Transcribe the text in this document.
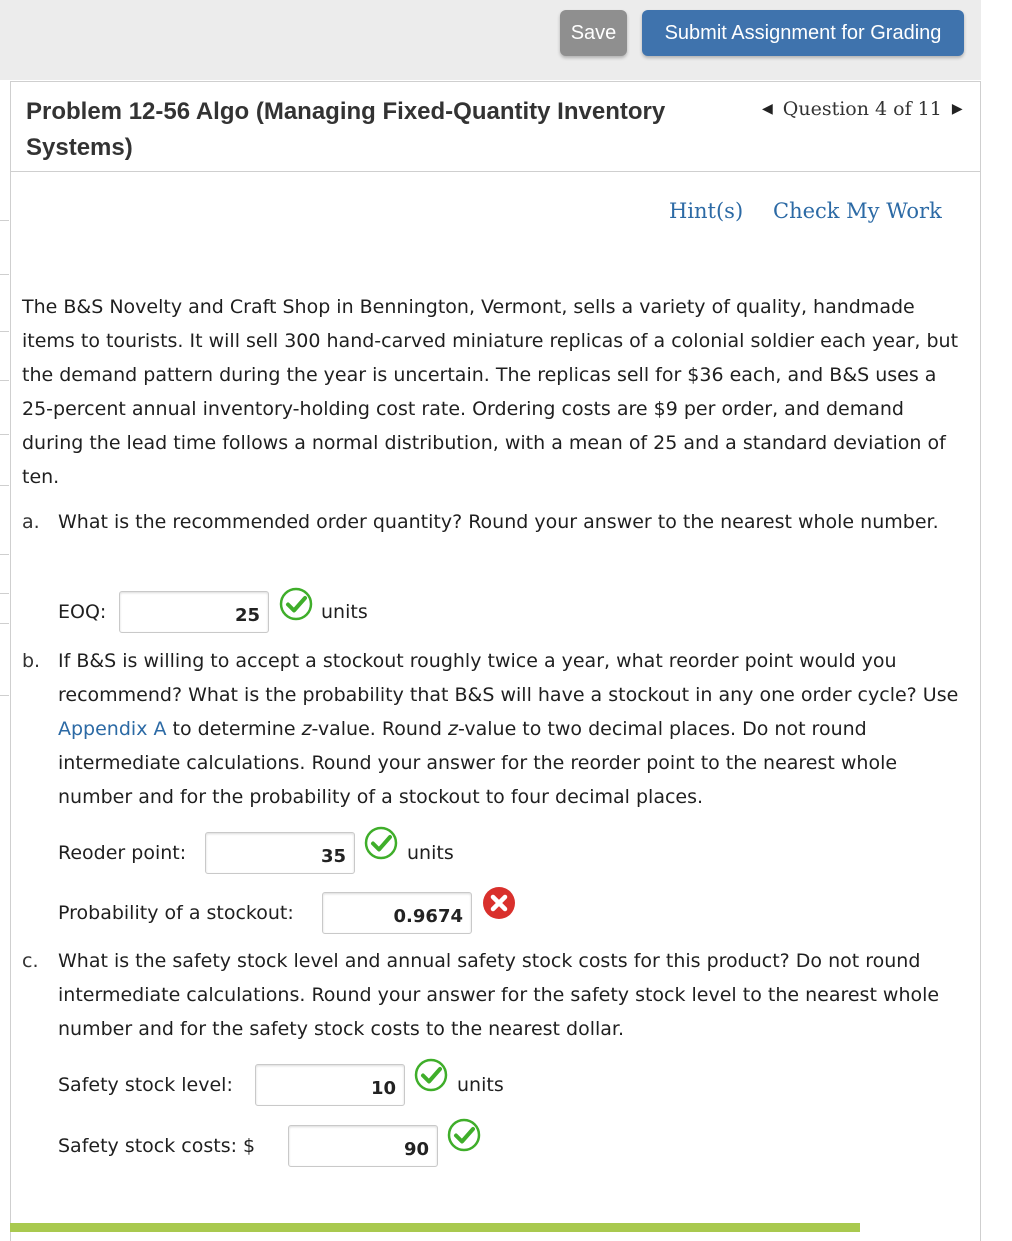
Save	Submit Assignment for Grading
Problem 12-56 Algo (Managing Fixed-Quantity Inventory Systems)
◀ Question 4 of 11 ▶
Hint(s) Check My Work

The B&S Novelty and Craft Shop in Bennington, Vermont, sells a variety of quality, handmade items to tourists. It will sell 300 hand-carved miniature replicas of a colonial soldier each year, but the demand pattern during the year is uncertain. The replicas sell for $36 each, and B&S uses a 25-percent annual inventory-holding cost rate. Ordering costs are $9 per order, and demand during the lead time follows a normal distribution, with a mean of 25 and a standard deviation of ten.

a. What is the recommended order quantity? Round your answer to the nearest whole number.

EOQ:	25	units
b. If B&S is willing to accept a stockout roughly twice a year, what reorder point would you recommend? What is the probability that B&S will have a stockout in any one order cycle? Use Appendix A to determine z-value. Round z-value to two decimal places. Do not round intermediate calculations. Round your answer for the reorder point to the nearest whole number and for the probability of a stockout to four decimal places.

Reoder point:	35	units
Probability of a stockout:	0.9674
c.	What is the safety stock level and annual safety stock costs for this product? Do not round intermediate calculations. Round your answer for the safety stock level to the nearest whole number and for the safety stock costs to the nearest dollar.

Safety stock level:	10	units
Safety stock costs: $	90
